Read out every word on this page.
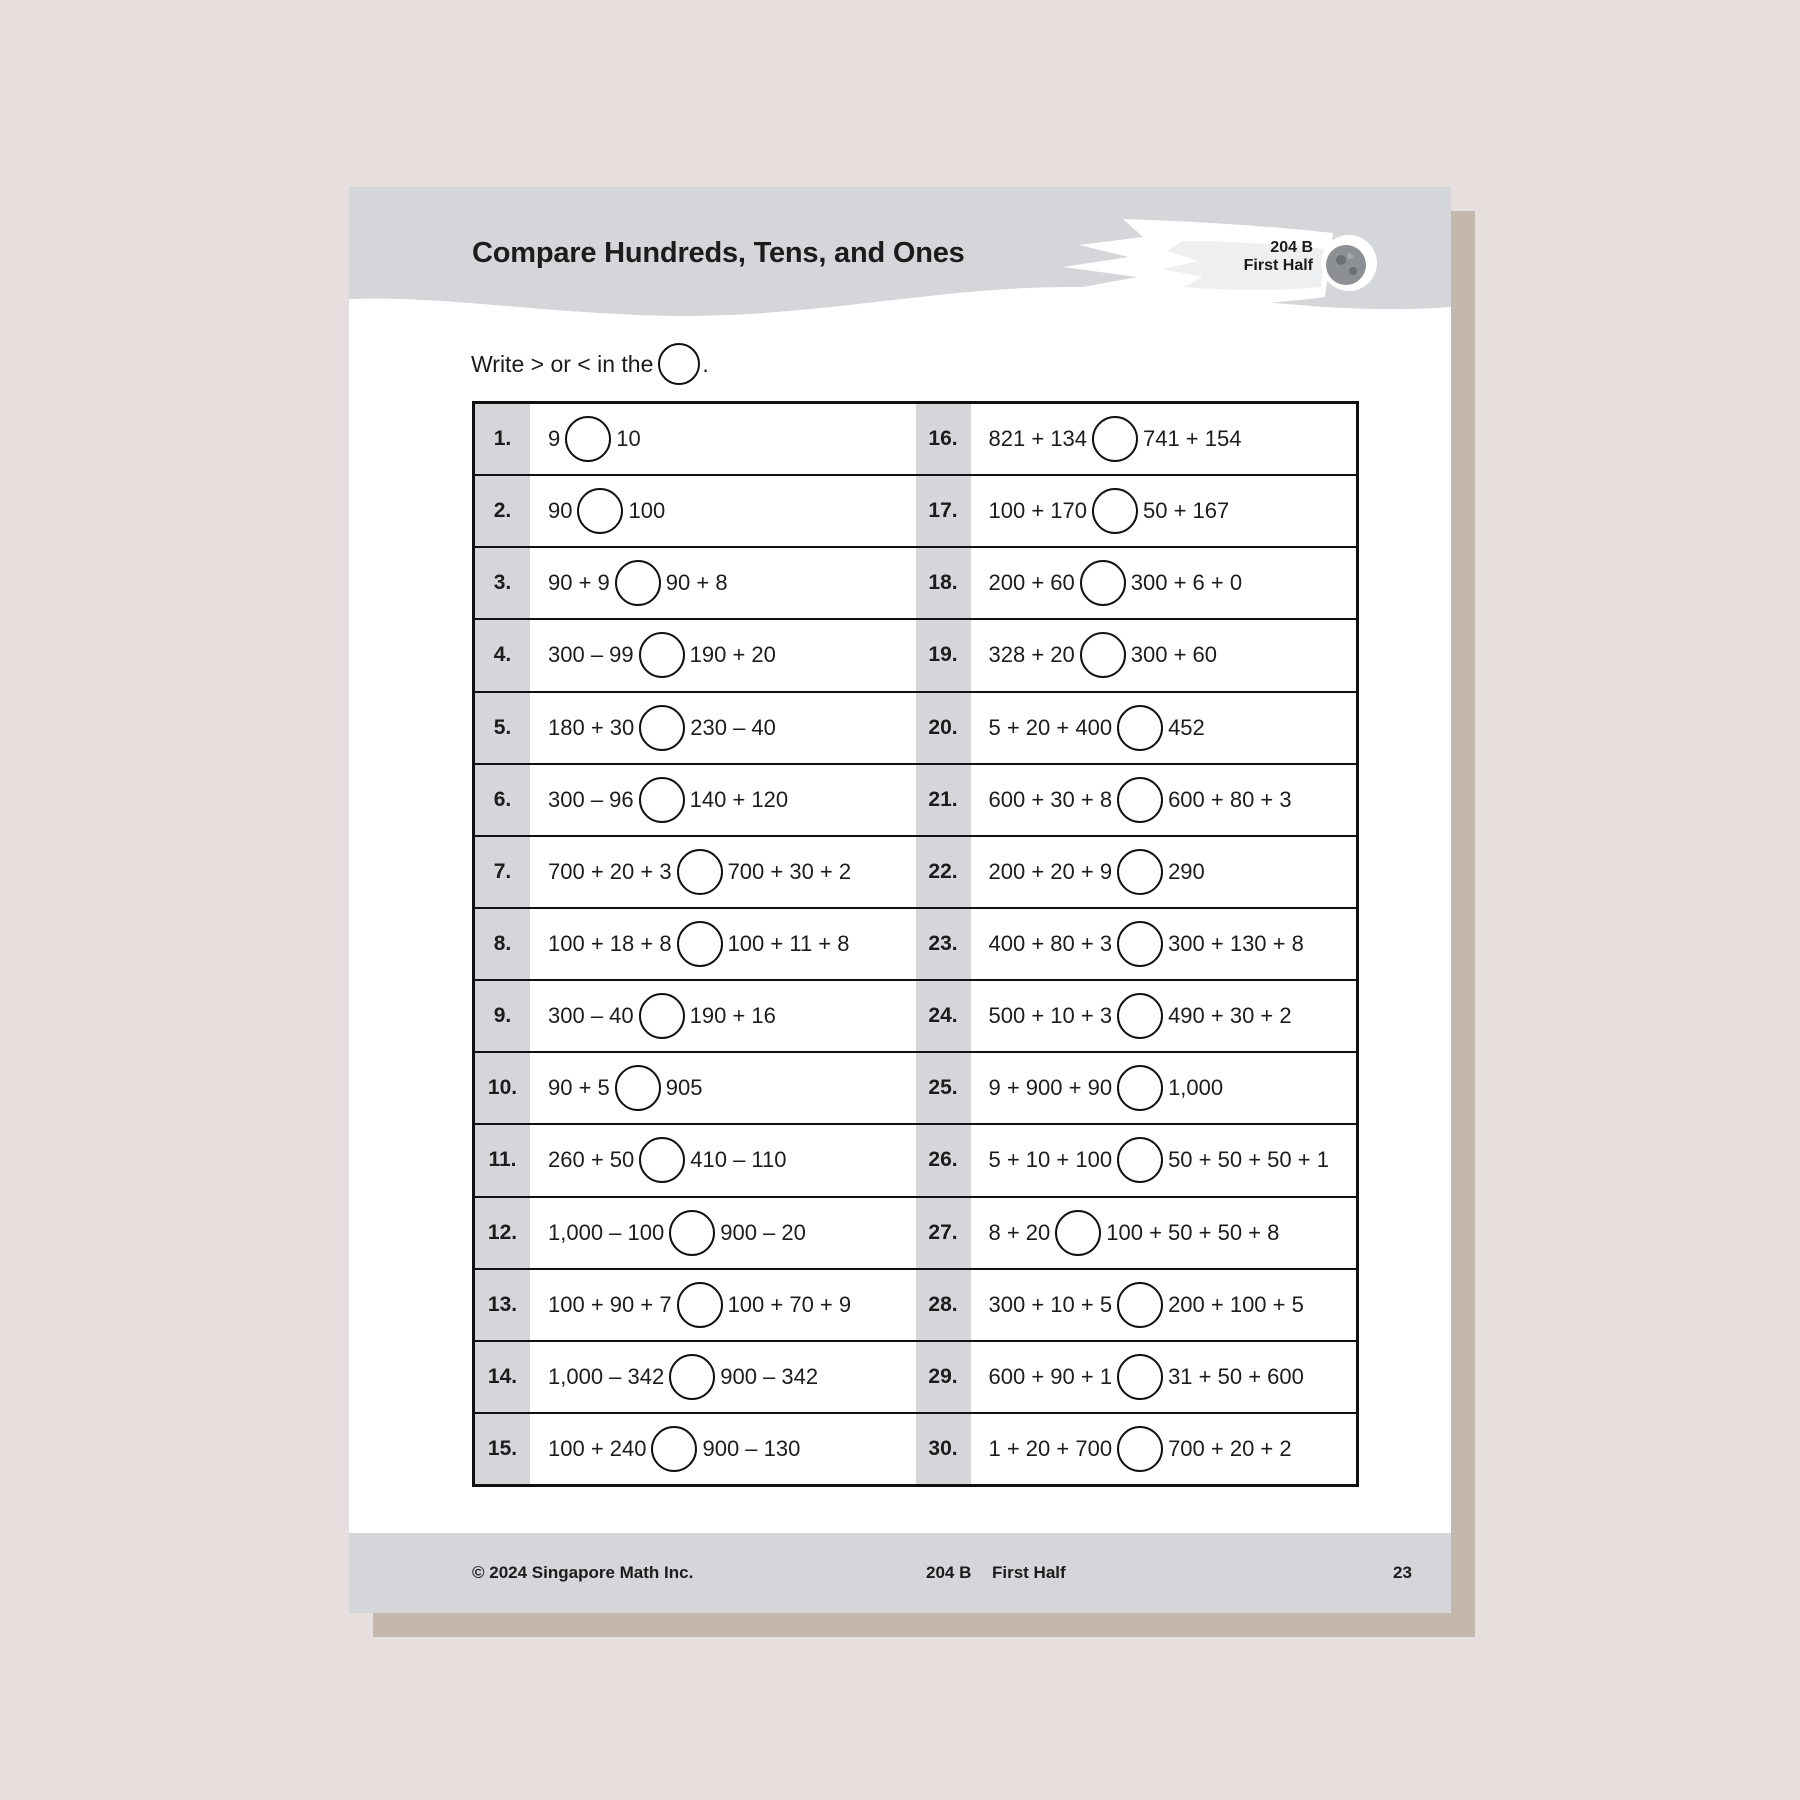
Compare Hundreds, Tens, and Ones	204 B
First Half
Write > or < in the .
1.	9	10
2.	90	100
3.	90 + 9	90 + 8
4.	300 – 99	190 + 20
5.	180 + 30	230 – 40
6.	300 – 96	140 + 120
7.	700 + 20 + 3	700 + 30 + 2
8.	100 + 18 + 8	100 + 11 + 8
9.	300 – 40	190 + 16
10.	90 + 5	905
11.	260 + 50	410 – 110
12.	1,000 – 100	900 – 20
13.	100 + 90 + 7	100 + 70 + 9
14.	1,000 – 342	900 – 342
15.	100 + 240	900 – 130
16.	821 + 134	741 + 154
17.	100 + 170	50 + 167
18.	200 + 60	300 + 6 + 0
19.	328 + 20	300 + 60
20.	5 + 20 + 400	452
21.	600 + 30 + 8	600 + 80 + 3
22.	200 + 20 + 9	290
23.	400 + 80 + 3	300 + 130 + 8
24.	500 + 10 + 3	490 + 30 + 2
25.	9 + 900 + 90	1,000
26.	5 + 10 + 100	50 + 50 + 50 + 1
27.	8 + 20	100 + 50 + 50 + 8
28.	300 + 10 + 5	200 + 100 + 5
29.	600 + 90 + 1	31 + 50 + 600
30.	1 + 20 + 700	700 + 20 + 2
© 2024 Singapore Math Inc.	204 B First Half	23
